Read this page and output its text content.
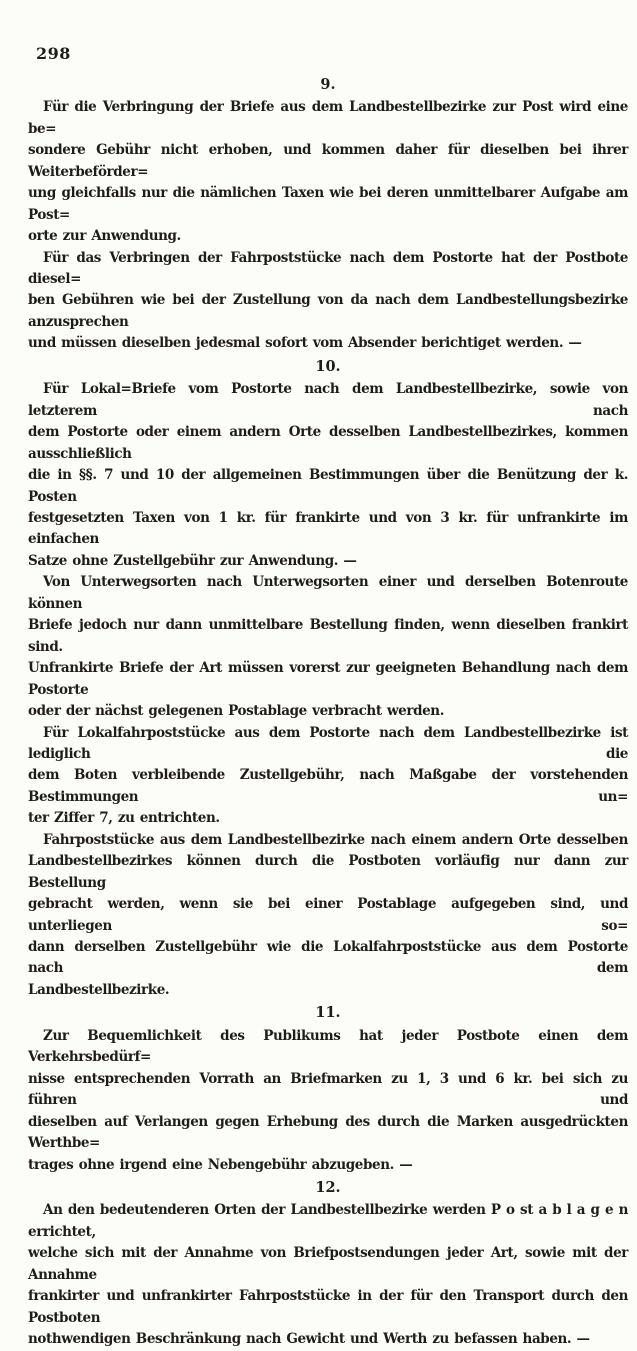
298
9.
Für die Verbringung der Briefe aus dem Landbestellbezirke zur Post wird eine be=
sondere Gebühr nicht erhoben, und kommen daher für dieselben bei ihrer Weiterbeförder=
ung gleichfalls nur die nämlichen Taxen wie bei deren unmittelbarer Aufgabe am Post=
orte zur Anwendung.
Für das Verbringen der Fahrpoststücke nach dem Postorte hat der Postbote diesel=
ben Gebühren wie bei der Zustellung von da nach dem Landbestellungsbezirke anzusprechen
und müssen dieselben jedesmal sofort vom Absender berichtiget werden. —
10.
Für Lokal=Briefe vom Postorte nach dem Landbestellbezirke, sowie von letzterem nach
dem Postorte oder einem andern Orte desselben Landbestellbezirkes, kommen ausschließlich
die in §§. 7 und 10 der allgemeinen Bestimmungen über die Benützung der k. Posten
festgesetzten Taxen von 1 kr. für frankirte und von 3 kr. für unfrankirte im einfachen
Satze ohne Zustellgebühr zur Anwendung. —
Von Unterwegsorten nach Unterwegsorten einer und derselben Botenroute können
Briefe jedoch nur dann unmittelbare Bestellung finden, wenn dieselben frankirt sind.
Unfrankirte Briefe der Art müssen vorerst zur geeigneten Behandlung nach dem Postorte
oder der nächst gelegenen Postablage verbracht werden.
Für Lokalfahrpoststücke aus dem Postorte nach dem Landbestellbezirke ist lediglich die
dem Boten verbleibende Zustellgebühr, nach Maßgabe der vorstehenden Bestimmungen un=
ter Ziffer 7, zu entrichten.
Fahrpoststücke aus dem Landbestellbezirke nach einem andern Orte desselben
Landbestellbezirkes können durch die Postboten vorläufig nur dann zur Bestellung
gebracht werden, wenn sie bei einer Postablage aufgegeben sind, und unterliegen so=
dann derselben Zustellgebühr wie die Lokalfahrpoststücke aus dem Postorte nach dem
Landbestellbezirke.
11.
Zur Bequemlichkeit des Publikums hat jeder Postbote einen dem Verkehrsbedürf=
nisse entsprechenden Vorrath an Briefmarken zu 1, 3 und 6 kr. bei sich zu führen und
dieselben auf Verlangen gegen Erhebung des durch die Marken ausgedrückten Werthbe=
trages ohne irgend eine Nebengebühr abzugeben. —
12.
An den bedeutenderen Orten der Landbestellbezirke werden P o st a b l a g e n errichtet,
welche sich mit der Annahme von Briefpostsendungen jeder Art, sowie mit der Annahme
frankirter und unfrankirter Fahrpoststücke in der für den Transport durch den Postboten
nothwendigen Beschränkung nach Gewicht und Werth zu befassen haben. —
